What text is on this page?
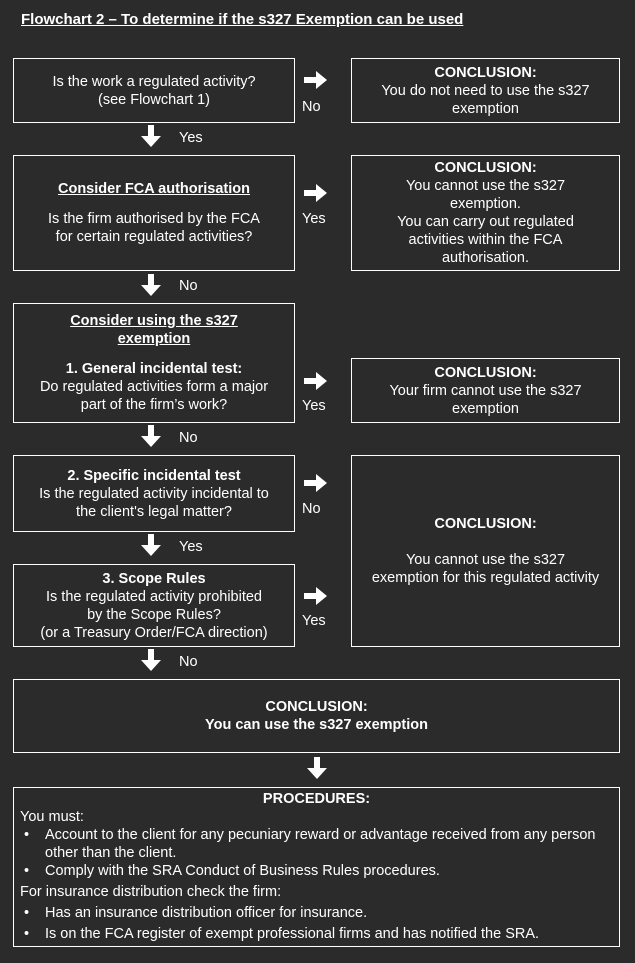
Flowchart 2 – To determine if the s327 Exemption can be used
Is the work a regulated activity?
(see Flowchart 1)	No
CONCLUSION:
You do not need to use the s327
exemption
Yes
Consider FCA authorisation
Is the firm authorised by the FCA
for certain regulated activities?
Yes
CONCLUSION:
You cannot use the s327
exemption.
You can carry out regulated
activities within the FCA
authorisation.
No
Consider using the s327
exemption
1. General incidental test:
Do regulated activities form a major
part of the firm’s work?	Yes
CONCLUSION:
Your firm cannot use the s327
exemption
No
2. Specific incidental test
Is the regulated activity incidental to
the client's legal matter?	No
Yes
3. Scope Rules
Is the regulated activity prohibited
by the Scope Rules?
(or a Treasury Order/FCA direction)
Yes
CONCLUSION:
You cannot use the s327
exemption for this regulated activity
No
CONCLUSION:
You can use the s327 exemption
PROCEDURES:

You must:

• Account to the client for any pecuniary reward or advantage received from any person other than the client.
• Comply with the SRA Conduct of Business Rules procedures.

For insurance distribution check the firm:

• Has an insurance distribution officer for insurance.
• Is on the FCA register of exempt professional firms and has notified the SRA.
